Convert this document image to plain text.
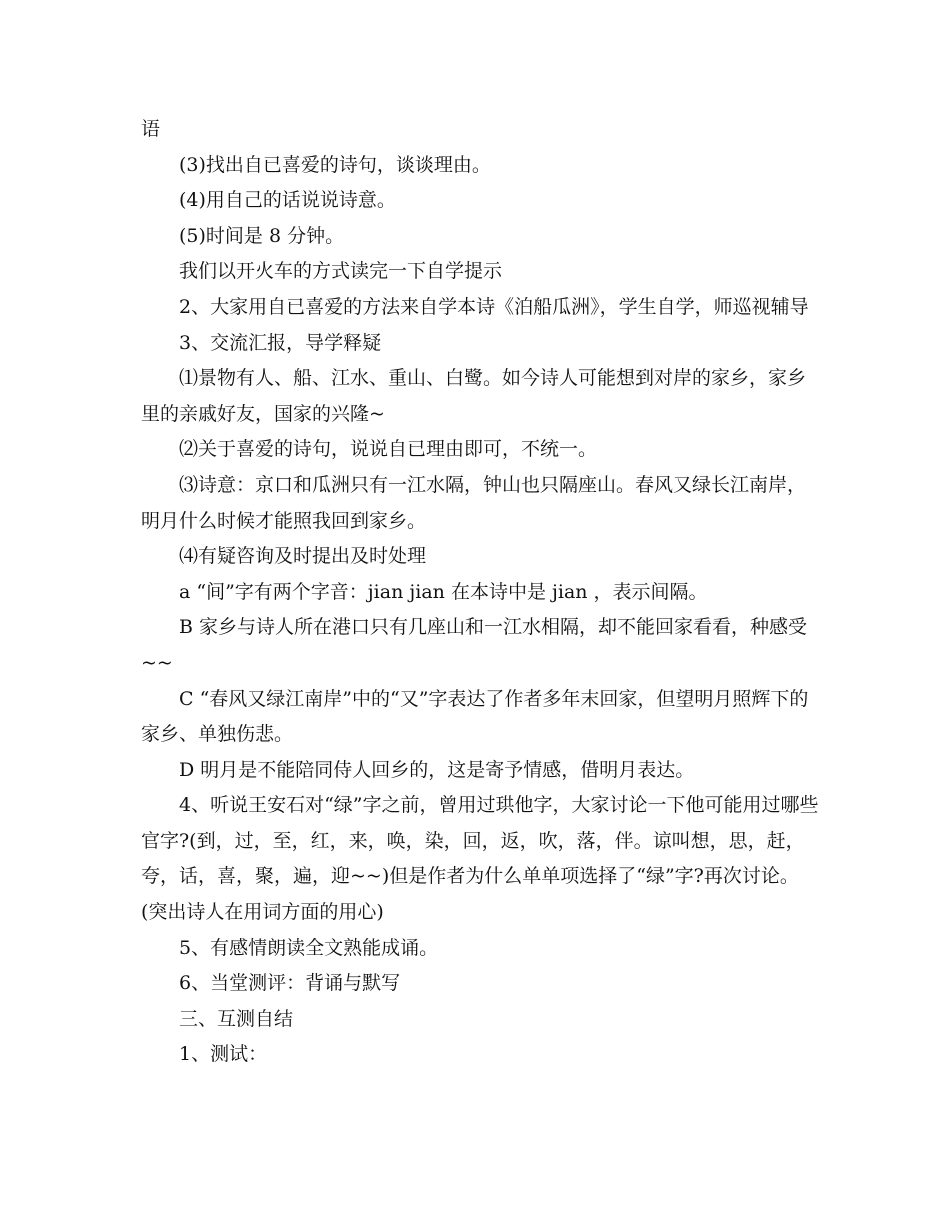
语

(3)找出自已喜爱的诗句，谈谈理由。

(4)用自己的话说说诗意。

(5)时间是 8 分钟。

我们以开火车的方式读完一下自学提示

2、大家用自已喜爱的方法来自学本诗《泊船瓜洲》，学生自学，师巡视辅导

3、交流汇报，导学释疑

⑴景物有人、船、江水、重山、白鹭。如今诗人可能想到对岸的家乡，家乡里的亲戚好友，国家的兴隆~

⑵关于喜爱的诗句，说说自已理由即可，不统一。

⑶诗意：京口和瓜洲只有一江水隔，钟山也只隔座山。春风又绿长江南岸，明月什么时候才能照我回到家乡。

⑷有疑咨询及时提出及时处理

a “间”字有两个字音：jian jian 在本诗中是 jian ，表示间隔。

B 家乡与诗人所在港口只有几座山和一江水相隔，却不能回家看看，种感受~~

C “春风又绿江南岸”中的“又”字表达了作者多年末回家，但望明月照辉下的家乡、单独伤悲。

D 明月是不能陪同侍人回乡的，这是寄予情感，借明月表达。

4、听说王安石对“绿”字之前，曾用过珙他字，大家讨论一下他可能用过哪些官字?(到，过，至，红，来，唤，染，回，返，吹，落，伴。谅叫想，思，赶，夸，话，喜，聚，遍，迎~~)但是作者为什么单单项选择了“绿”字?再次讨论。(突出诗人在用词方面的用心)

5、有感情朗读全文熟能成诵。

6、当堂测评：背诵与默写

三、互测自结

1、测试：
